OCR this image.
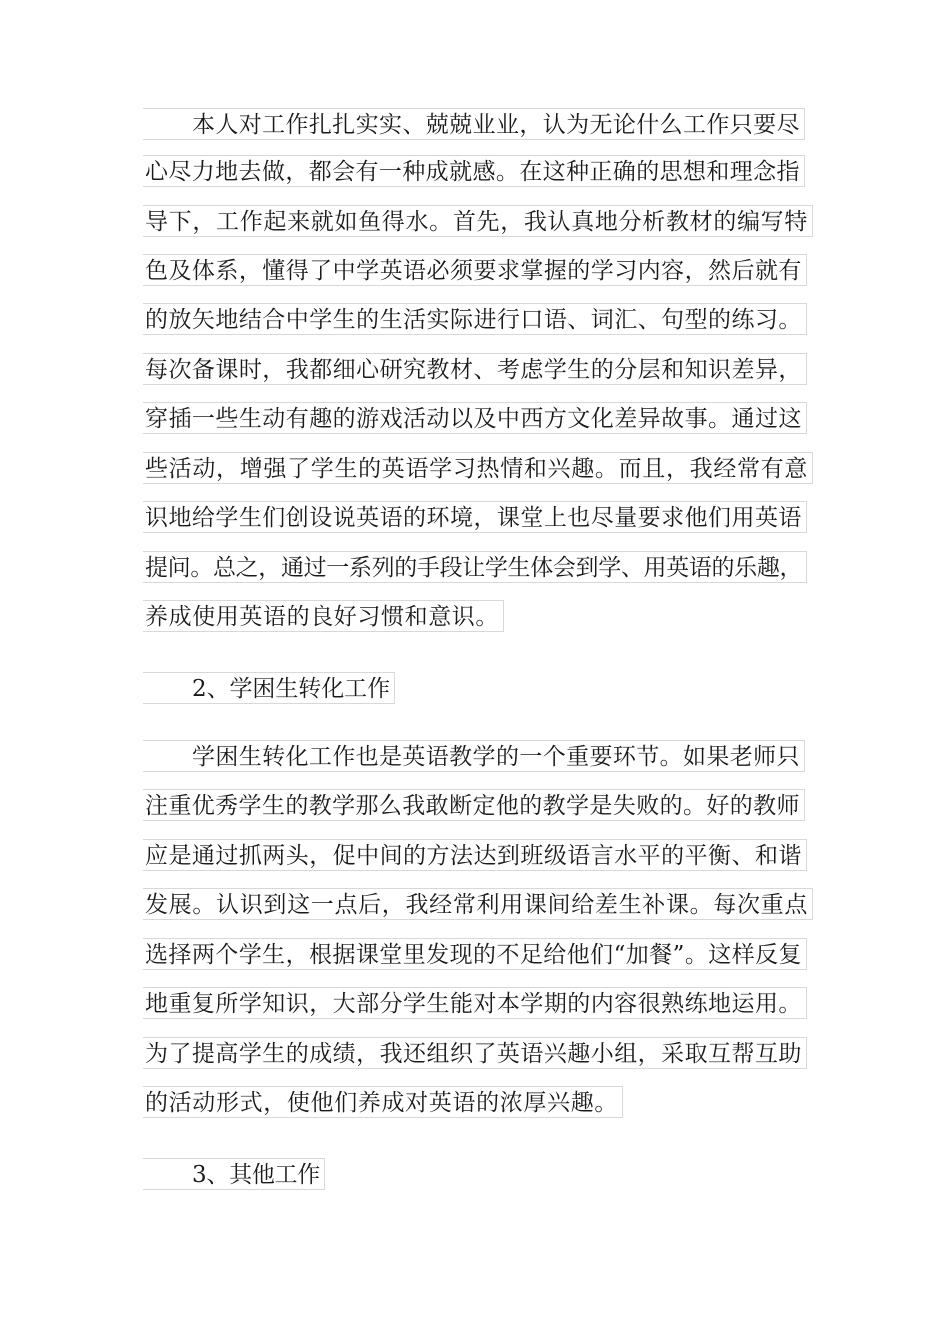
本人对工作扎扎实实、兢兢业业，认为无论什么工作只要尽
心尽力地去做，都会有一种成就感。在这种正确的思想和理念指
导下，工作起来就如鱼得水。首先，我认真地分析教材的编写特
色及体系，懂得了中学英语必须要求掌握的学习内容，然后就有
的放矢地结合中学生的生活实际进行口语、词汇、句型的练习。
每次备课时，我都细心研究教材、考虑学生的分层和知识差异，
穿插一些生动有趣的游戏活动以及中西方文化差异故事。通过这
些活动，增强了学生的英语学习热情和兴趣。而且，我经常有意
识地给学生们创设说英语的环境，课堂上也尽量要求他们用英语
提问。总之，通过一系列的手段让学生体会到学、用英语的乐趣，
养成使用英语的良好习惯和意识。
2、学困生转化工作
学困生转化工作也是英语教学的一个重要环节。如果老师只
注重优秀学生的教学那么我敢断定他的教学是失败的。好的教师
应是通过抓两头，促中间的方法达到班级语言水平的平衡、和谐
发展。认识到这一点后，我经常利用课间给差生补课。每次重点
选择两个学生，根据课堂里发现的不足给他们“加餐”。这样反复
地重复所学知识，大部分学生能对本学期的内容很熟练地运用。
为了提高学生的成绩，我还组织了英语兴趣小组，采取互帮互助
的活动形式，使他们养成对英语的浓厚兴趣。
3、其他工作
